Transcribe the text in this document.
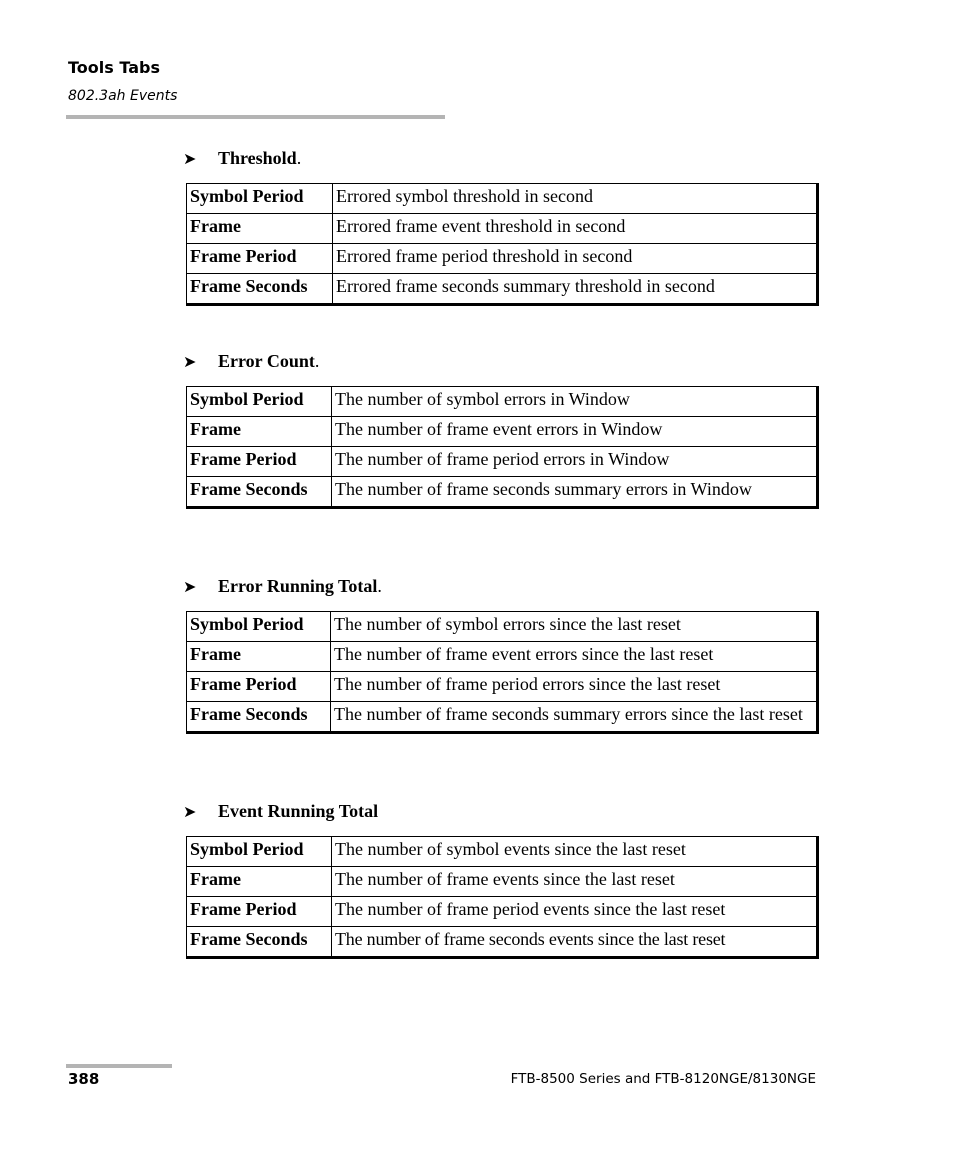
Tools Tabs
802.3ah Events
➤ Threshold.
Symbol Period	Errored symbol threshold in second
Frame	Errored frame event threshold in second
Frame Period	Errored frame period threshold in second
Frame Seconds	Errored frame seconds summary threshold in second
➤ Error Count.
Symbol Period	The number of symbol errors in Window
Frame	The number of frame event errors in Window
Frame Period	The number of frame period errors in Window
Frame Seconds	The number of frame seconds summary errors in Window
➤ Error Running Total.
Symbol Period	The number of symbol errors since the last reset
Frame	The number of frame event errors since the last reset
Frame Period	The number of frame period errors since the last reset
Frame Seconds	The number of frame seconds summary errors since the last reset
➤ Event Running Total
Symbol Period	The number of symbol events since the last reset
Frame	The number of frame events since the last reset
Frame Period	The number of frame period events since the last reset
Frame Seconds	The number of frame seconds events since the last reset
388	FTB-8500 Series and FTB-8120NGE/8130NGE
